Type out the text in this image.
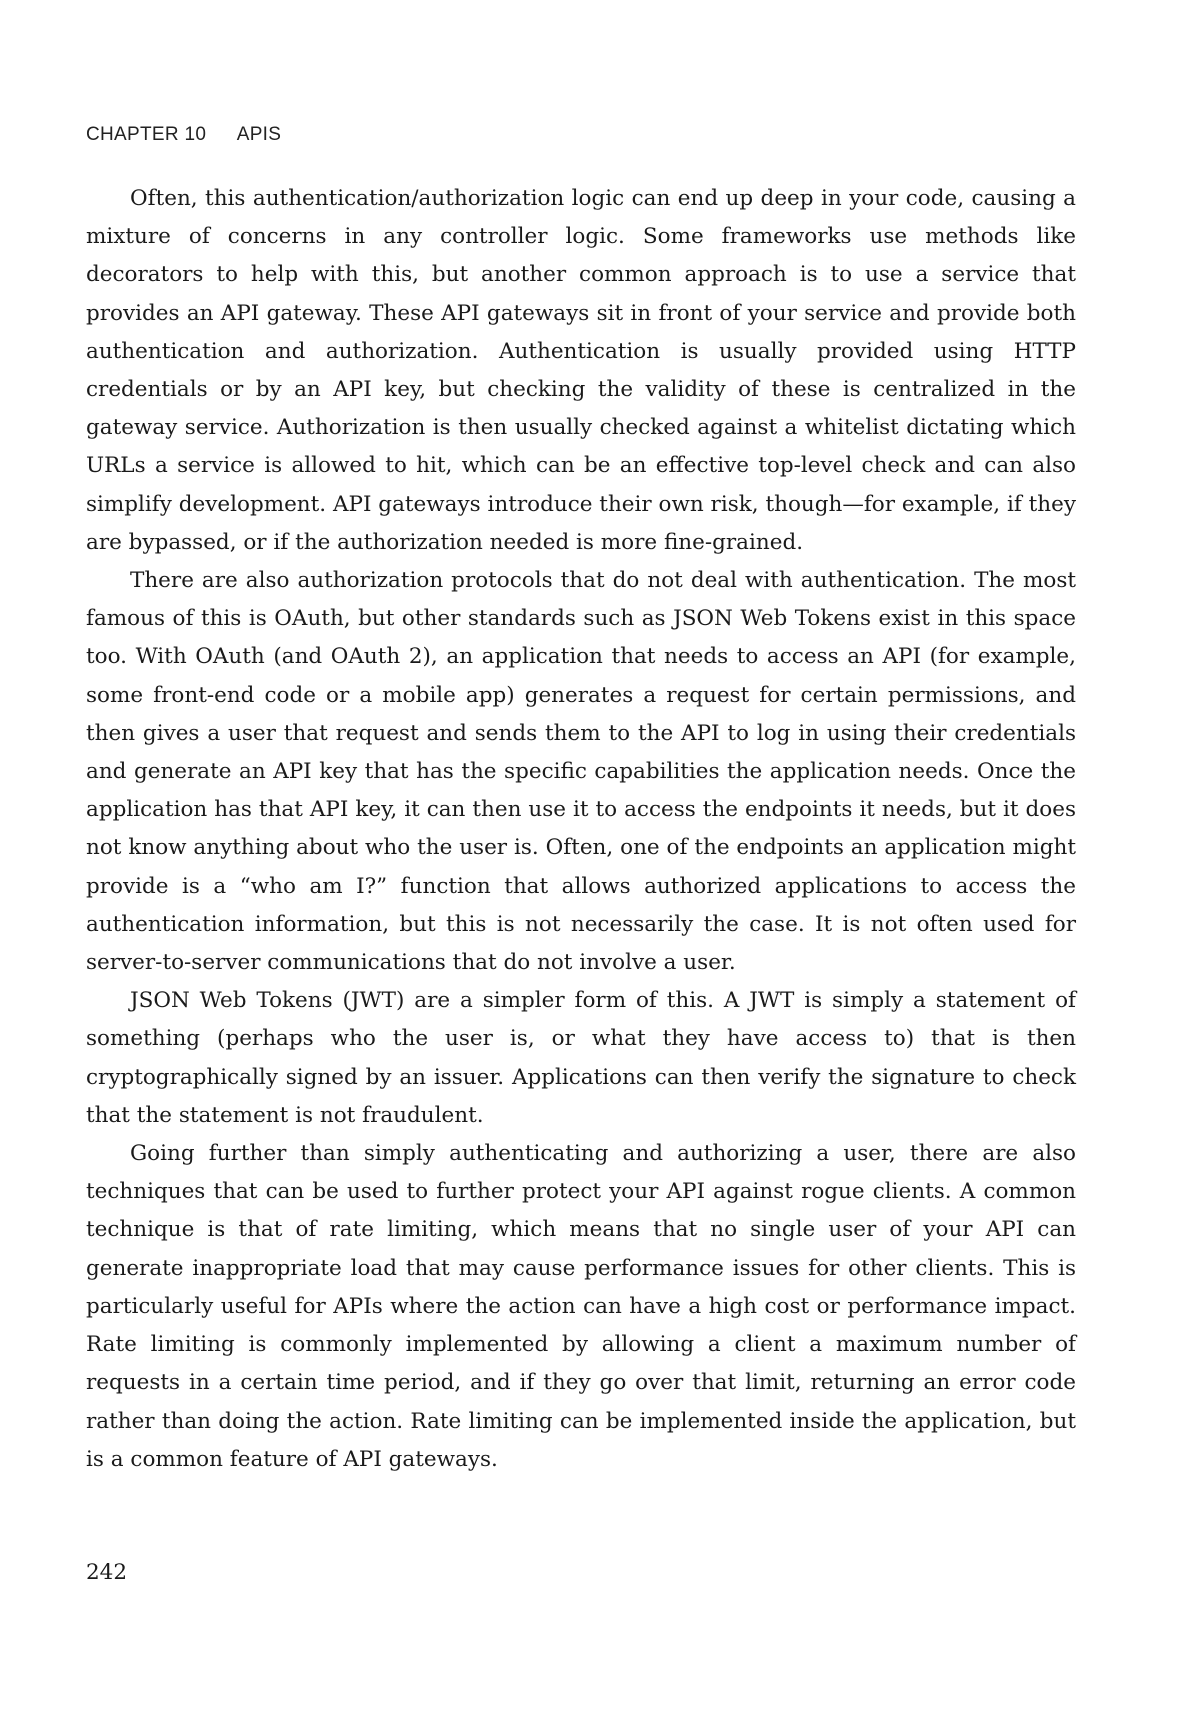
CHAPTER 10 APIS

Often, this authentication/authorization logic can end up deep in your code, causing a mixture of concerns in any controller logic. Some frameworks use methods like decorators to help with this, but another common approach is to use a service that provides an API gateway. These API gateways sit in front of your service and provide both authentication and authorization. Authentication is usually provided using HTTP credentials or by an API key, but checking the validity of these is centralized in the gateway service. Authorization is then usually checked against a whitelist dictating which URLs a service is allowed to hit, which can be an effective top-level check and can also simplify development. API gateways introduce their own risk, though—for example, if they are bypassed, or if the authorization needed is more fine-grained.

There are also authorization protocols that do not deal with authentication. The most famous of this is OAuth, but other standards such as JSON Web Tokens exist in this space too. With OAuth (and OAuth 2), an application that needs to access an API (for example, some front-end code or a mobile app) generates a request for certain permissions, and then gives a user that request and sends them to the API to log in using their credentials and generate an API key that has the specific capabilities the application needs. Once the application has that API key, it can then use it to access the endpoints it needs, but it does not know anything about who the user is. Often, one of the endpoints an application might provide is a “who am I?” function that allows authorized applications to access the authentication information, but this is not necessarily the case. It is not often used for server-to-server communications that do not involve a user.

JSON Web Tokens (JWT) are a simpler form of this. A JWT is simply a statement of something (perhaps who the user is, or what they have access to) that is then cryptographically signed by an issuer. Applications can then verify the signature to check that the statement is not fraudulent.

Going further than simply authenticating and authorizing a user, there are also techniques that can be used to further protect your API against rogue clients. A common technique is that of rate limiting, which means that no single user of your API can generate inappropriate load that may cause performance issues for other clients. This is particularly useful for APIs where the action can have a high cost or performance impact. Rate limiting is commonly implemented by allowing a client a maximum number of requests in a certain time period, and if they go over that limit, returning an error code rather than doing the action. Rate limiting can be implemented inside the application, but is a common feature of API gateways.

242
